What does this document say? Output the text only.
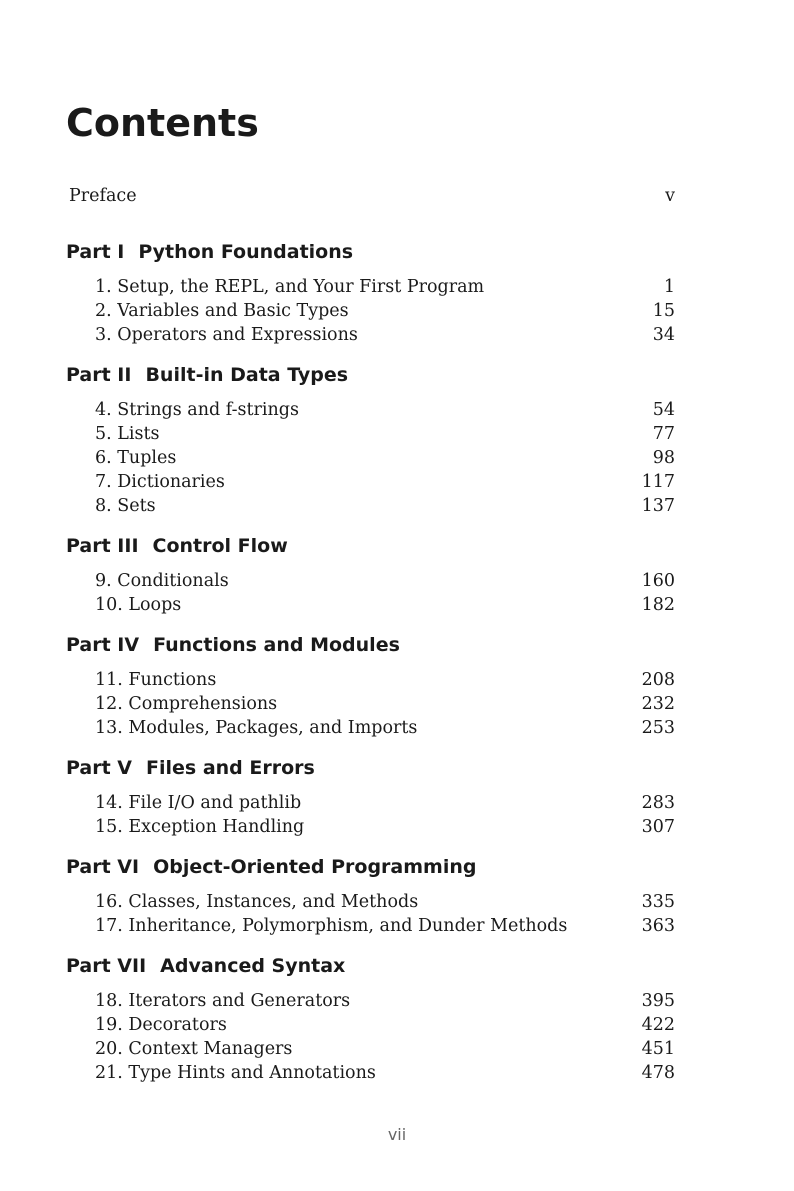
Contents
Preface	v
Part I Python Foundations
1. Setup, the REPL, and Your First Program	1
2. Variables and Basic Types	15
3. Operators and Expressions	34
Part II Built-in Data Types
4. Strings and f-strings	54
5. Lists	77
6. Tuples	98
7. Dictionaries	117
8. Sets	137
Part III Control Flow
9. Conditionals	160
10. Loops	182
Part IV Functions and Modules
11. Functions	208
12. Comprehensions	232
13. Modules, Packages, and Imports	253
Part V Files and Errors
14. File I/O and pathlib	283
15. Exception Handling	307
Part VI Object-Oriented Programming
16. Classes, Instances, and Methods	335
17. Inheritance, Polymorphism, and Dunder Methods	363
Part VII Advanced Syntax
18. Iterators and Generators	395
19. Decorators	422
20. Context Managers	451
21. Type Hints and Annotations	478
vii
